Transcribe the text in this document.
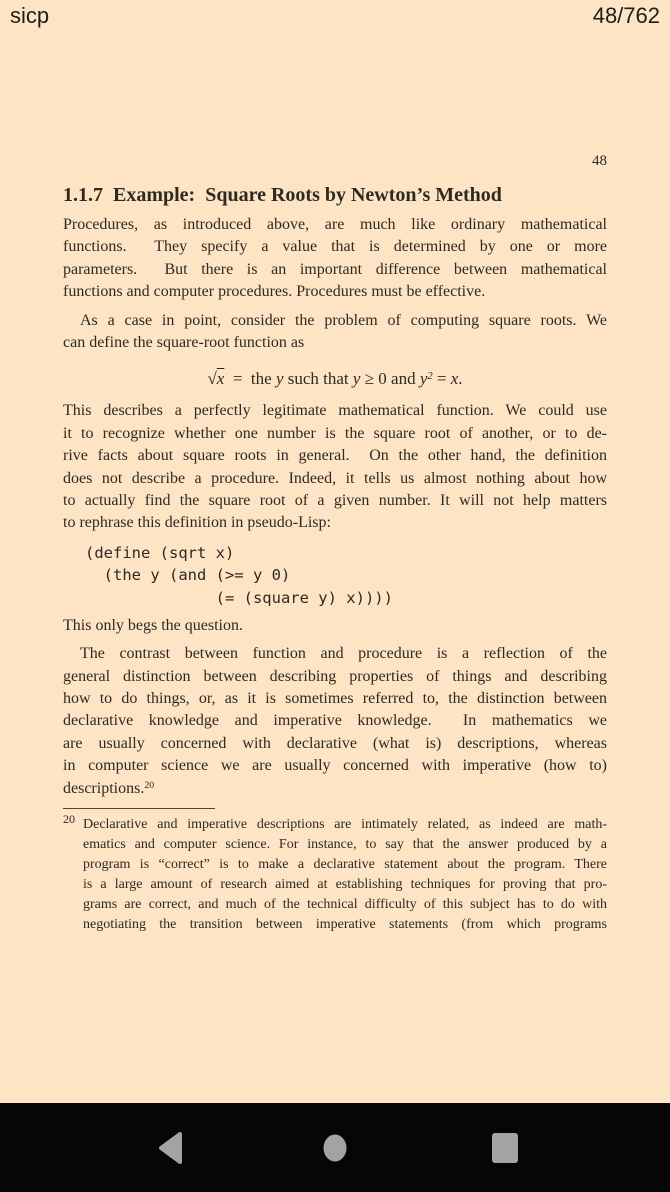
sicp	48/762
48
1.1.7  Example:  Square Roots by Newton’s Method
Procedures, as introduced above, are much like ordinary mathematical
functions.  They specify a value that is determined by one or more
parameters.  But there is an important difference between mathematical
functions and computer procedures. Procedures must be effective.
As a case in point, consider the problem of computing square roots. We
can define the square-root function as
√x  =  the y such that y ≥ 0 and $y^2 = x$.
This describes a perfectly legitimate mathematical function. We could use
it to recognize whether one number is the square root of another, or to de-
rive facts about square roots in general.  On the other hand, the definition
does not describe a procedure. Indeed, it tells us almost nothing about how
to actually find the square root of a given number. It will not help matters
to rephrase this definition in pseudo-Lisp:
(define (sqrt x)
(the y (and (>= y 0)
(= (square y) x))))
This only begs the question.
The contrast between function and procedure is a reflection of the
general distinction between describing properties of things and describing
how to do things, or, as it is sometimes referred to, the distinction between
declarative knowledge and imperative knowledge.  In mathematics we
are usually concerned with declarative (what is) descriptions, whereas
in computer science we are usually concerned with imperative (how to)
descriptions.$^{20}$
20 Declarative and imperative descriptions are intimately related, as indeed are math-
ematics and computer science. For instance, to say that the answer produced by a
program is “correct” is to make a declarative statement about the program. There
is a large amount of research aimed at establishing techniques for proving that pro-
grams are correct, and much of the technical difficulty of this subject has to do with
negotiating the transition between imperative statements (from which programs
